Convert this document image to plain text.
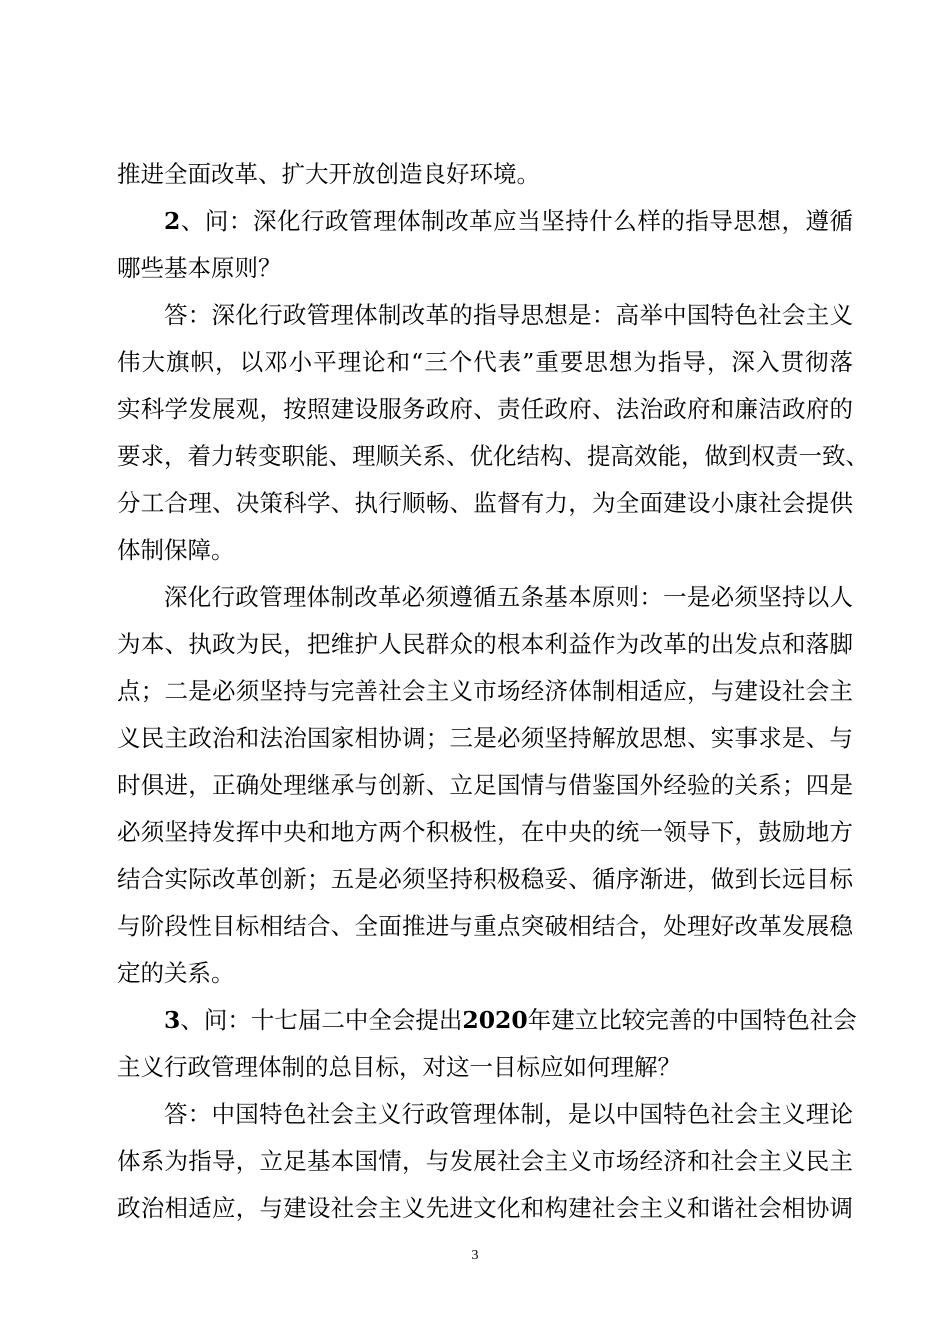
推进全面改革、扩大开放创造良好环境。
2、问：深化行政管理体制改革应当坚持什么样的指导思想，遵循
哪些基本原则？
答：深化行政管理体制改革的指导思想是：高举中国特色社会主义
伟大旗帜，以邓小平理论和“三个代表”重要思想为指导，深入贯彻落
实科学发展观，按照建设服务政府、责任政府、法治政府和廉洁政府的
要求，着力转变职能、理顺关系、优化结构、提高效能，做到权责一致、
分工合理、决策科学、执行顺畅、监督有力，为全面建设小康社会提供
体制保障。
深化行政管理体制改革必须遵循五条基本原则：一是必须坚持以人
为本、执政为民，把维护人民群众的根本利益作为改革的出发点和落脚
点；二是必须坚持与完善社会主义市场经济体制相适应，与建设社会主
义民主政治和法治国家相协调；三是必须坚持解放思想、实事求是、与
时俱进，正确处理继承与创新、立足国情与借鉴国外经验的关系；四是
必须坚持发挥中央和地方两个积极性，在中央的统一领导下，鼓励地方
结合实际改革创新；五是必须坚持积极稳妥、循序渐进，做到长远目标
与阶段性目标相结合、全面推进与重点突破相结合，处理好改革发展稳
定的关系。
3、问：十七届二中全会提出2020年建立比较完善的中国特色社会
主义行政管理体制的总目标，对这一目标应如何理解？
答：中国特色社会主义行政管理体制，是以中国特色社会主义理论
体系为指导，立足基本国情，与发展社会主义市场经济和社会主义民主
政治相适应，与建设社会主义先进文化和构建社会主义和谐社会相协调
3
